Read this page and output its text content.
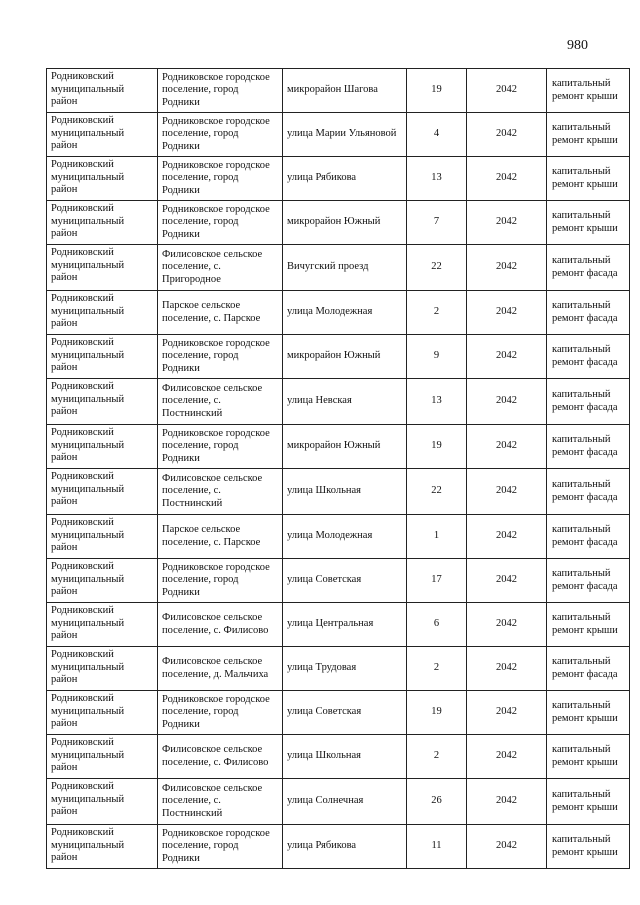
980
Родниковский муниципальный район	Родниковское городское поселение, город Родники	микрорайон Шагова	19	2042	капитальный ремонт крыши
Родниковский муниципальный район	Родниковское городское поселение, город Родники	улица Марии Ульяновой	4	2042	капитальный ремонт крыши
Родниковский муниципальный район	Родниковское городское поселение, город Родники	улица Рябикова	13	2042	капитальный ремонт крыши
Родниковский муниципальный район	Родниковское городское поселение, город Родники	микрорайон Южный	7	2042	капитальный ремонт крыши
Родниковский муниципальный район	Филисовское сельское поселение, с. Пригородное	Вичугский проезд	22	2042	капитальный ремонт фасада
Родниковский муниципальный район	Парское сельское поселение, с. Парское	улица Молодежная	2	2042	капитальный ремонт фасада
Родниковский муниципальный район	Родниковское городское поселение, город Родники	микрорайон Южный	9	2042	капитальный ремонт фасада
Родниковский муниципальный район	Филисовское сельское поселение, с. Постнинский	улица Невская	13	2042	капитальный ремонт фасада
Родниковский муниципальный район	Родниковское городское поселение, город Родники	микрорайон Южный	19	2042	капитальный ремонт фасада
Родниковский муниципальный район	Филисовское сельское поселение, с. Постнинский	улица Школьная	22	2042	капитальный ремонт фасада
Родниковский муниципальный район	Парское сельское поселение, с. Парское	улица Молодежная	1	2042	капитальный ремонт фасада
Родниковский муниципальный район	Родниковское городское поселение, город Родники	улица Советская	17	2042	капитальный ремонт фасада
Родниковский муниципальный район	Филисовское сельское поселение, с. Филисово	улица Центральная	6	2042	капитальный ремонт крыши
Родниковский муниципальный район	Филисовское сельское поселение, д. Мальчиха	улица Трудовая	2	2042	капитальный ремонт фасада
Родниковский муниципальный район	Родниковское городское поселение, город Родники	улица Советская	19	2042	капитальный ремонт крыши
Родниковский муниципальный район	Филисовское сельское поселение, с. Филисово	улица Школьная	2	2042	капитальный ремонт крыши
Родниковский муниципальный район	Филисовское сельское поселение, с. Постнинский	улица Солнечная	26	2042	капитальный ремонт крыши
Родниковский муниципальный район	Родниковское городское поселение, город Родники	улица Рябикова	11	2042	капитальный ремонт крыши
